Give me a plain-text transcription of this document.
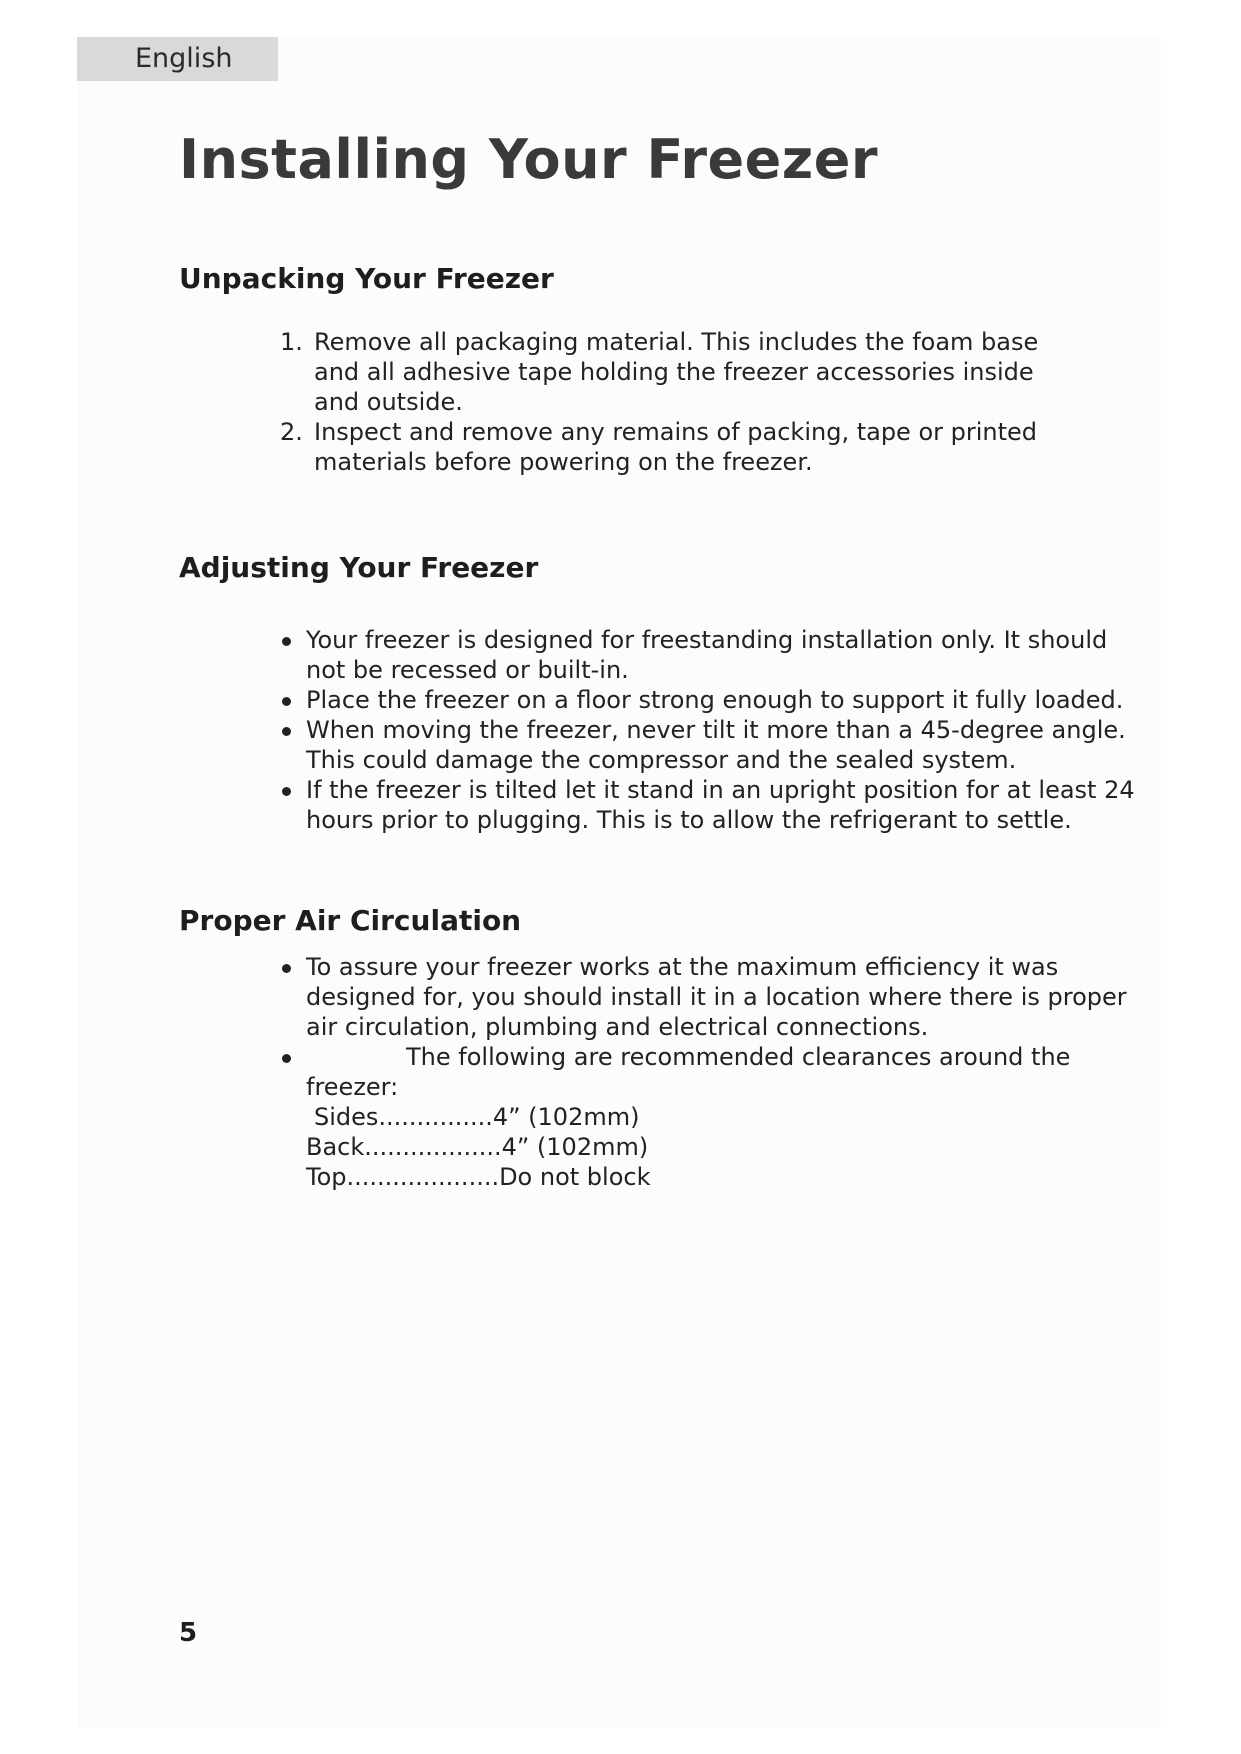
English
Installing Your Freezer
Unpacking Your Freezer
1. Remove all packaging material. This includes the foam base and all adhesive tape holding the freezer accessories inside and outside.
2. Inspect and remove any remains of packing, tape or printed materials before powering on the freezer.
Adjusting Your Freezer
Your freezer is designed for freestanding installation only. It should not be recessed or built-in.
Place the freezer on a floor strong enough to support it fully loaded.
When moving the freezer, never tilt it more than a 45-degree angle. This could damage the compressor and the sealed system.
If the freezer is tilted let it stand in an upright position for at least 24 hours prior to plugging. This is to allow the refrigerant to settle.
Proper Air Circulation
To assure your freezer works at the maximum efficiency it was designed for, you should install it in a location where there is proper air circulation, plumbing and electrical connections.
The following are recommended clearances around the freezer:
Sides...............4” (102mm)
Back..................4” (102mm)
Top....................Do not block
5
